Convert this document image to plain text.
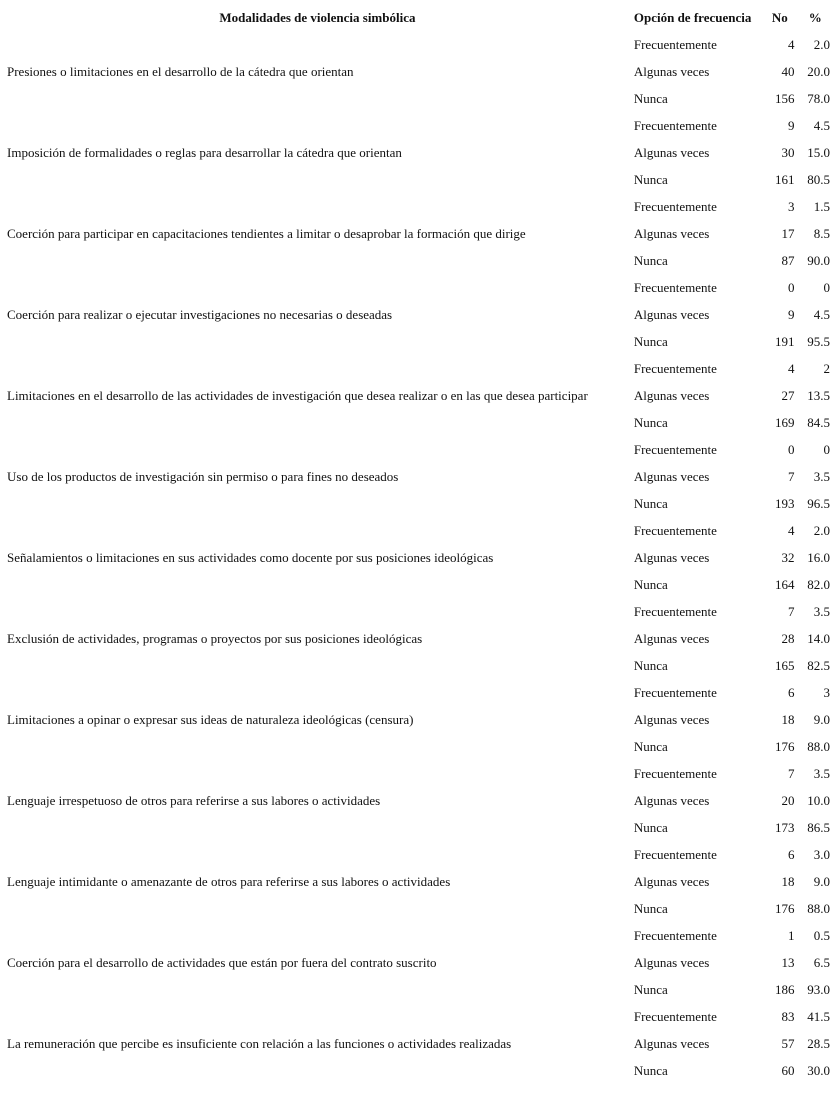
Modalidades de violencia simbólica	Opción de frecuencia	No	%
Presiones o limitaciones en el desarrollo de la cátedra que orientan	Frecuentemente	4	2.0
	Algunas veces	40	20.0
	Nunca	156	78.0
Imposición de formalidades o reglas para desarrollar la cátedra que orientan	Frecuentemente	9	4.5
	Algunas veces	30	15.0
	Nunca	161	80.5
Coerción para participar en capacitaciones tendientes a limitar o desaprobar la formación que dirige	Frecuentemente	3	1.5
	Algunas veces	17	8.5
	Nunca	87	90.0
Coerción para realizar o ejecutar investigaciones no necesarias o deseadas	Frecuentemente	0	0
	Algunas veces	9	4.5
	Nunca	191	95.5
Limitaciones en el desarrollo de las actividades de investigación que desea realizar o en las que desea participar	Frecuentemente	4	2
	Algunas veces	27	13.5
	Nunca	169	84.5
Uso de los productos de investigación sin permiso o para fines no deseados	Frecuentemente	0	0
	Algunas veces	7	3.5
	Nunca	193	96.5
Señalamientos o limitaciones en sus actividades como docente por sus posiciones ideológicas	Frecuentemente	4	2.0
	Algunas veces	32	16.0
	Nunca	164	82.0
Exclusión de actividades, programas o proyectos por sus posiciones ideológicas	Frecuentemente	7	3.5
	Algunas veces	28	14.0
	Nunca	165	82.5
Limitaciones a opinar o expresar sus ideas de naturaleza ideológicas (censura)	Frecuentemente	6	3
	Algunas veces	18	9.0
	Nunca	176	88.0
Lenguaje irrespetuoso de otros para referirse a sus labores o actividades	Frecuentemente	7	3.5
	Algunas veces	20	10.0
	Nunca	173	86.5
Lenguaje intimidante o amenazante de otros para referirse a sus labores o actividades	Frecuentemente	6	3.0
	Algunas veces	18	9.0
	Nunca	176	88.0
Coerción para el desarrollo de actividades que están por fuera del contrato suscrito	Frecuentemente	1	0.5
	Algunas veces	13	6.5
	Nunca	186	93.0
La remuneración que percibe es insuficiente con relación a las funciones o actividades realizadas	Frecuentemente	83	41.5
	Algunas veces	57	28.5
	Nunca	60	30.0
